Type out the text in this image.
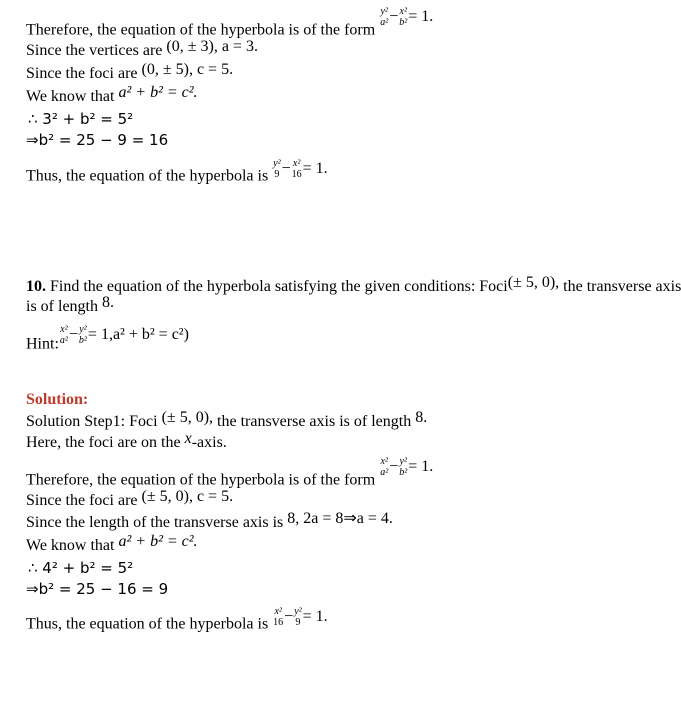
Therefore, the equation of the hyperbola is of the form
y²
a² − x²
b² = 1.
Since the vertices are (0, ± 3), a = 3.
Since the foci are (0, ± 5), c = 5.
We know that a² + b² = c².
∴ 3² + b² = 5²
⇒b² = 25 − 9 = 16
Thus, the equation of the hyperbola is
y²
9 − x²
16 = 1.
10. Find the equation of the hyperbola satisfying the given conditions: Foci(± 5, 0), the transverse axis
is of length 8.
Hint:
x²
a² − y²
b² = 1,a² + b² = c²)
Solution:
Solution Step1: Foci (± 5, 0), the transverse axis is of length 8.
Here, the foci are on the x-axis.
Therefore, the equation of the hyperbola is of the form
x²
a² − y²
b² = 1.
Since the foci are (± 5, 0), c = 5.
Since the length of the transverse axis is 8, 2a = 8⇒a = 4.
We know that a² + b² = c².
∴ 4² + b² = 5²
⇒b² = 25 − 16 = 9
Thus, the equation of the hyperbola is
x²
16 − y²
9 = 1.
